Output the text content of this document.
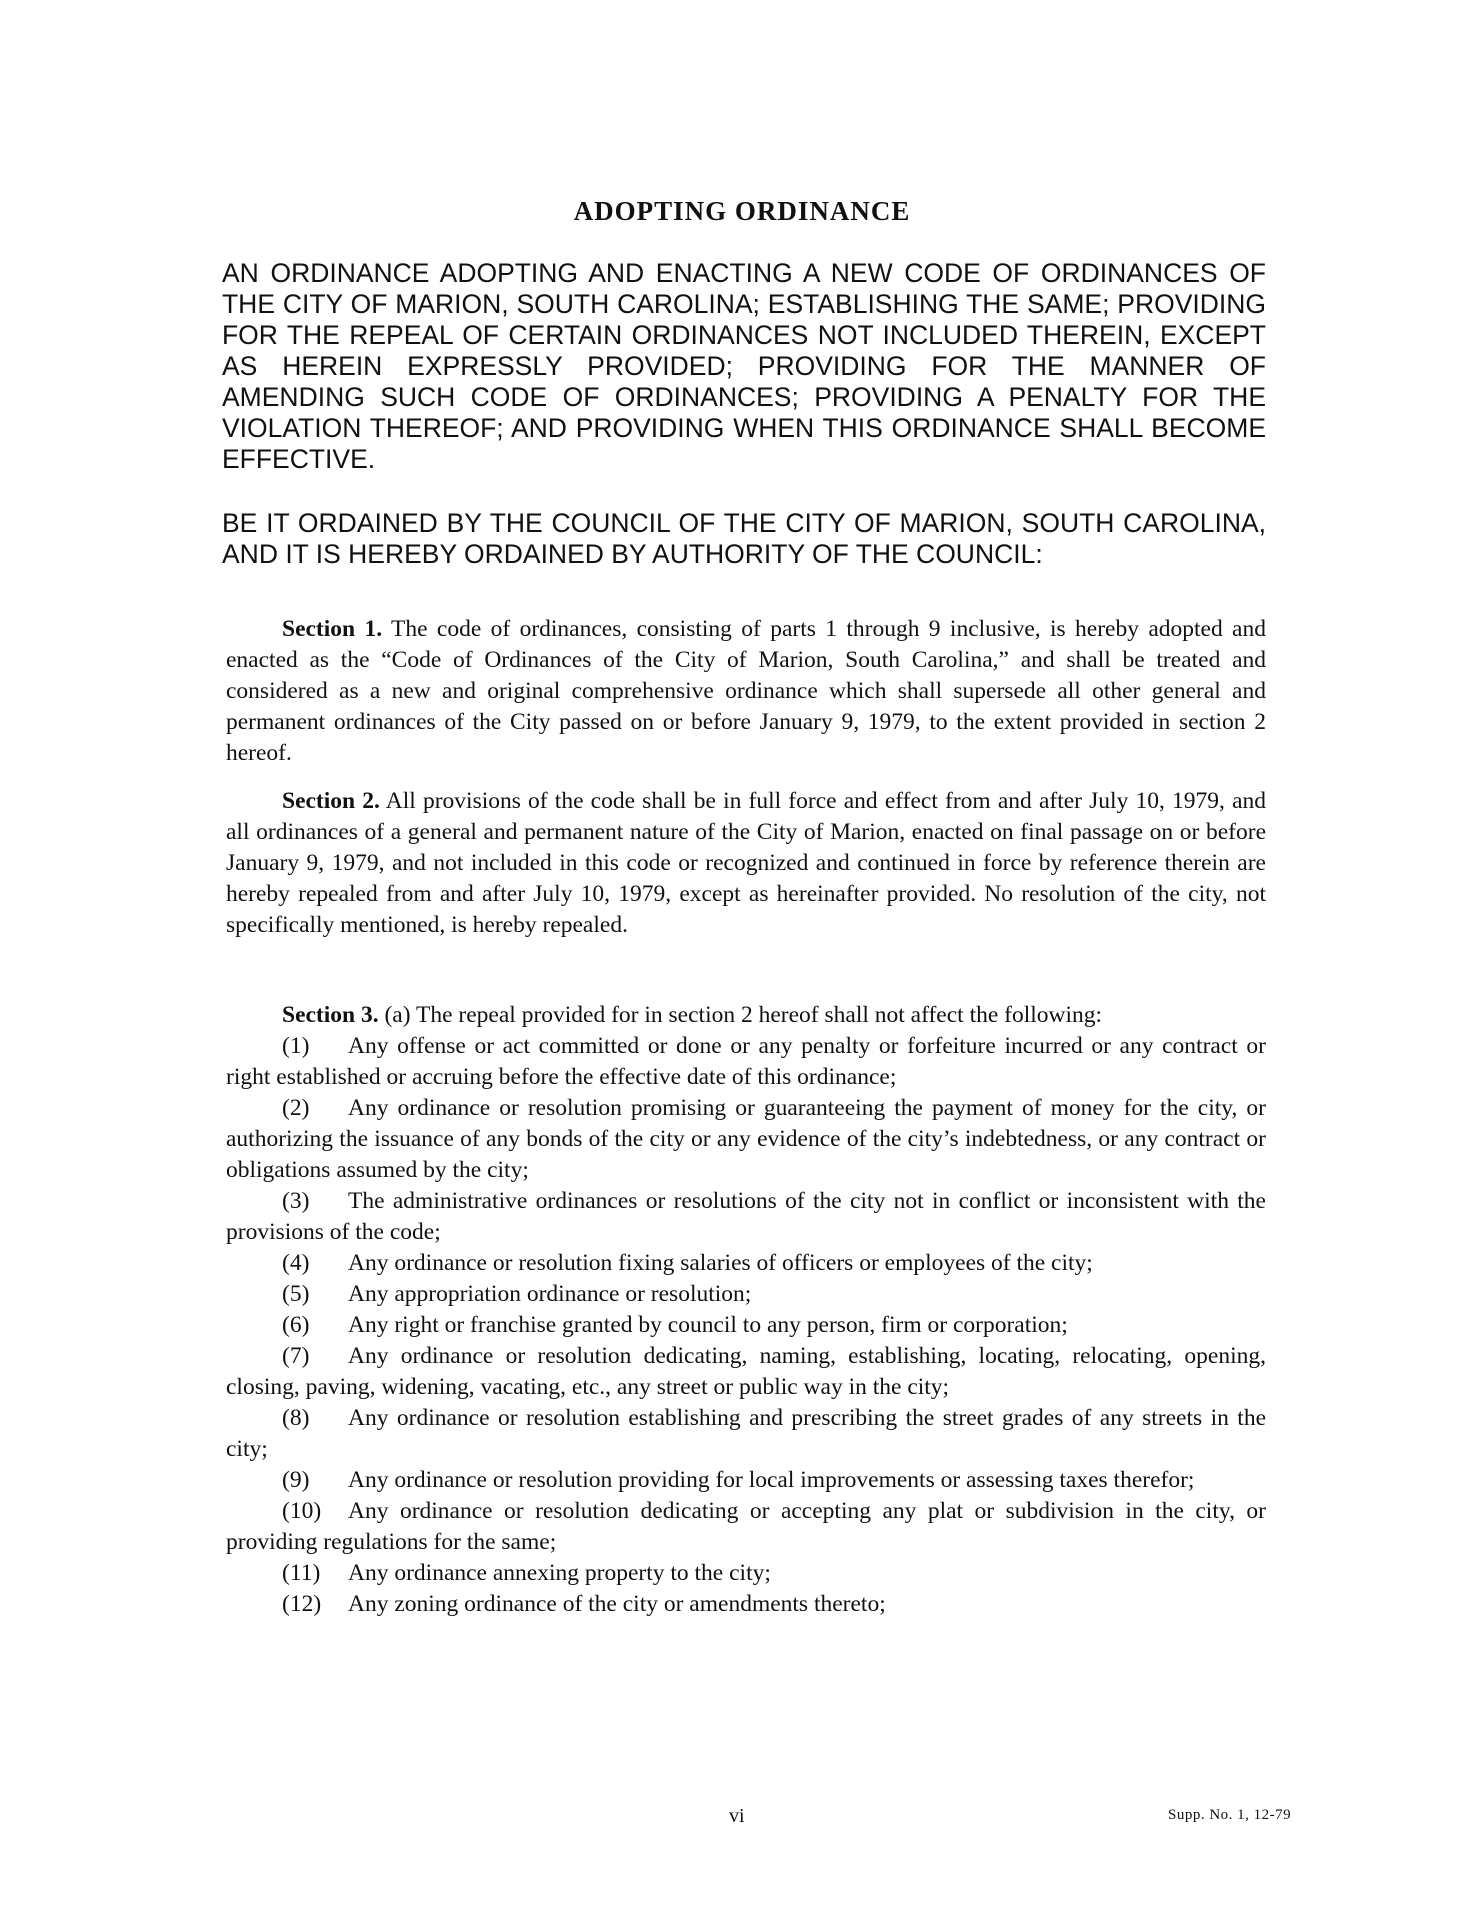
ADOPTING ORDINANCE
AN ORDINANCE ADOPTING AND ENACTING A NEW CODE OF ORDINANCES OF THE CITY OF MARION, SOUTH CAROLINA; ESTABLISHING THE SAME; PROVIDING FOR THE REPEAL OF CERTAIN ORDINANCES NOT INCLUDED THEREIN, EXCEPT AS HEREIN EXPRESSLY PROVIDED; PROVIDING FOR THE MANNER OF AMENDING SUCH CODE OF ORDINANCES; PROVIDING A PENALTY FOR THE VIOLATION THEREOF; AND PROVIDING WHEN THIS ORDINANCE SHALL BECOME EFFECTIVE.
BE IT ORDAINED BY THE COUNCIL OF THE CITY OF MARION, SOUTH CAROLINA, AND IT IS HEREBY ORDAINED BY AUTHORITY OF THE COUNCIL:

Section 1. The code of ordinances, consisting of parts 1 through 9 inclusive, is hereby adopted and enacted as the “Code of Ordinances of the City of Marion, South Carolina,” and shall be treated and considered as a new and original comprehensive ordinance which shall supersede all other general and permanent ordinances of the City passed on or before January 9, 1979, to the extent provided in section 2 hereof.

Section 2. All provisions of the code shall be in full force and effect from and after July 10, 1979, and all ordinances of a general and permanent nature of the City of Marion, enacted on final passage on or before January 9, 1979, and not included in this code or recognized and continued in force by reference therein are hereby repealed from and after July 10, 1979, except as hereinafter provided. No resolution of the city, not specifically mentioned, is hereby repealed.

Section 3. (a) The repeal provided for in section 2 hereof shall not affect the following:

(1) Any offense or act committed or done or any penalty or forfeiture incurred or any contract or right established or accruing before the effective date of this ordinance;

(2) Any ordinance or resolution promising or guaranteeing the payment of money for the city, or authorizing the issuance of any bonds of the city or any evidence of the city’s indebtedness, or any contract or obligations assumed by the city;

(3) The administrative ordinances or resolutions of the city not in conflict or inconsistent with the provisions of the code;

(4) Any ordinance or resolution fixing salaries of officers or employees of the city;

(5) Any appropriation ordinance or resolution;

(6) Any right or franchise granted by council to any person, firm or corporation;

(7) Any ordinance or resolution dedicating, naming, establishing, locating, relocating, opening, closing, paving, widening, vacating, etc., any street or public way in the city;

(8) Any ordinance or resolution establishing and prescribing the street grades of any streets in the city;

(9) Any ordinance or resolution providing for local improvements or assessing taxes therefor;

(10) Any ordinance or resolution dedicating or accepting any plat or subdivision in the city, or providing regulations for the same;

(11) Any ordinance annexing property to the city;

(12) Any zoning ordinance of the city or amendments thereto;

vi	Supp. No. 1, 12-79
